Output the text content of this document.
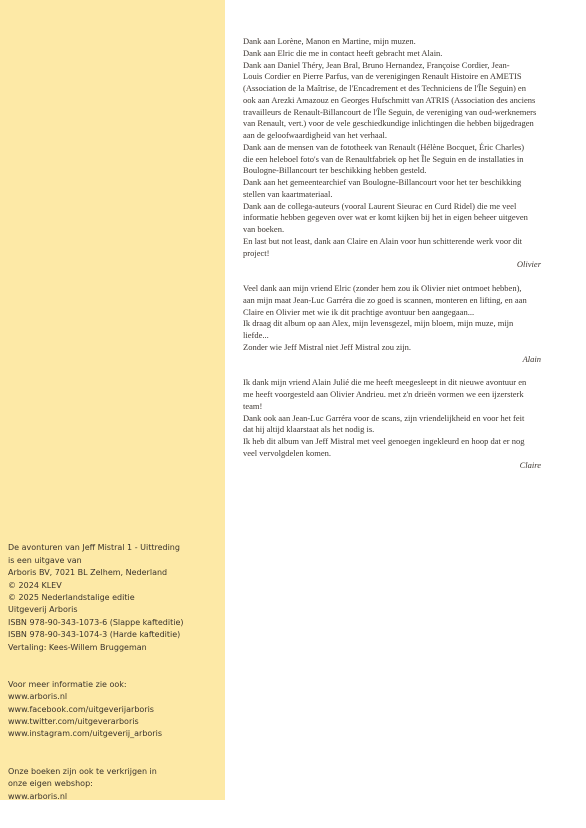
De avonturen van Jeff Mistral 1 - Uittreding
is een uitgave van
Arboris BV, 7021 BL Zelhem, Nederland
© 2024 KLEV
© 2025 Nederlandstalige editie
Uitgeverij Arboris
ISBN 978-90-343-1073-6 (Slappe kafteditie)
ISBN 978-90-343-1074-3 (Harde kafteditie)
Vertaling: Kees-Willem Bruggeman

Voor meer informatie zie ook:
www.arboris.nl
www.facebook.com/uitgeverijarboris
www.twitter.com/uitgeverarboris
www.instagram.com/uitgeverij_arboris

Onze boeken zijn ook te verkrijgen in
onze eigen webshop:
www.arboris.nl

Dank aan Lorène, Manon en Martine, mijn muzen.
Dank aan Elric die me in contact heeft gebracht met Alain.
Dank aan Daniel Théry, Jean Bral, Bruno Hernandez, Françoise Cordier, Jean-
Louis Cordier en Pierre Parfus, van de verenigingen Renault Histoire en AMETIS
(Association de la Maîtrise, de l'Encadrement et des Techniciens de l'Île Seguin) en
ook aan Arezki Amazouz en Georges Hufschmitt van ATRIS (Association des anciens
travailleurs de Renault-Billancourt de l'Île Seguin, de vereniging van oud-werknemers
van Renault, vert.) voor de vele geschiedkundige inlichtingen die hebben bijgedragen
aan de geloofwaardigheid van het verhaal.
Dank aan de mensen van de fototheek van Renault (Hélène Bocquet, Éric Charles)
die een heleboel foto's van de Renaultfabriek op het Île Seguin en de installaties in
Boulogne-Billancourt ter beschikking hebben gesteld.
Dank aan het gemeentearchief van Boulogne-Billancourt voor het ter beschikking
stellen van kaartmateriaal.
Dank aan de collega-auteurs (vooral Laurent Sieurac en Curd Ridel) die me veel
informatie hebben gegeven over wat er komt kijken bij het in eigen beheer uitgeven
van boeken.
En last but not least, dank aan Claire en Alain voor hun schitterende werk voor dit
project!

Olivier

Veel dank aan mijn vriend Elric (zonder hem zou ik Olivier niet ontmoet hebben),
aan mijn maat Jean-Luc Garréra die zo goed is scannen, monteren en lifting, en aan
Claire en Olivier met wie ik dit prachtige avontuur ben aangegaan...
Ik draag dit album op aan Alex, mijn levensgezel, mijn bloem, mijn muze, mijn
liefde...
Zonder wie Jeff Mistral niet Jeff Mistral zou zijn.

Alain

Ik dank mijn vriend Alain Julié die me heeft meegesleept in dit nieuwe avontuur en
me heeft voorgesteld aan Olivier Andrieu. met z'n drieën vormen we een ijzersterk
team!
Dank ook aan Jean-Luc Garréra voor de scans, zijn vriendelijkheid en voor het feit
dat hij altijd klaarstaat als het nodig is.
Ik heb dit album van Jeff Mistral met veel genoegen ingekleurd en hoop dat er nog
veel vervolgdelen komen.

Claire
